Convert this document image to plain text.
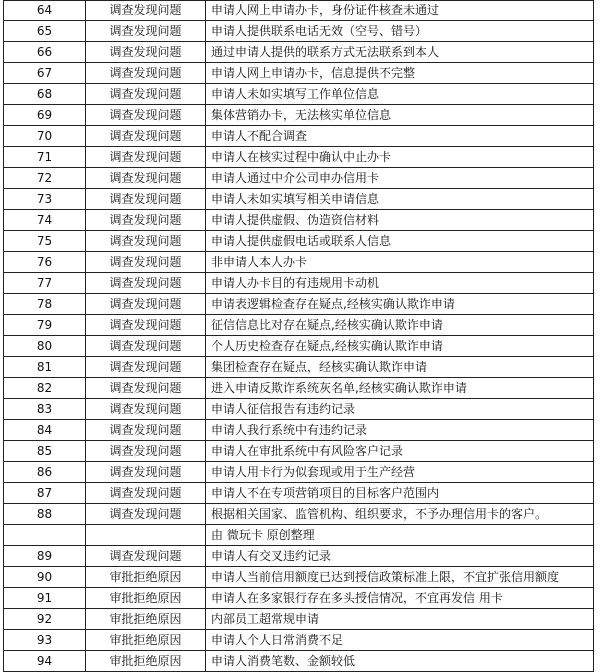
64	调查发现问题	申请人网上申请办卡，身份证件核查未通过
65	调查发现问题	申请人提供联系电话无效（空号、错号）
66	调查发现问题	通过申请人提供的联系方式无法联系到本人
67	调查发现问题	申请人网上申请办卡，信息提供不完整
68	调查发现问题	申请人未如实填写工作单位信息
69	调查发现问题	集体营销办卡，无法核实单位信息
70	调查发现问题	申请人不配合调查
71	调查发现问题	申请人在核实过程中确认中止办卡
72	调查发现问题	申请人通过中介公司申办信用卡
73	调查发现问题	申请人未如实填写相关申请信息
74	调查发现问题	申请人提供虚假、伪造资信材料
75	调查发现问题	申请人提供虚假电话或联系人信息
76	调查发现问题	非申请人本人办卡
77	调查发现问题	申请人办卡目的有违规用卡动机
78	调查发现问题	申请表逻辑检查存在疑点,经核实确认欺诈申请
79	调查发现问题	征信信息比对存在疑点,经核实确认欺诈申请
80	调查发现问题	个人历史检查存在疑点,经核实确认欺诈申请
81	调查发现问题	集团检查存在疑点，经核实确认欺诈申请
82	调查发现问题	进入申请反欺诈系统灰名单,经核实确认欺诈申请
83	调查发现问题	申请人征信报告有违约记录
84	调查发现问题	申请人我行系统中有违约记录
85	调查发现问题	申请人在审批系统中有风险客户记录
86	调查发现问题	申请人用卡行为似套现或用于生产经营
87	调查发现问题	申请人不在专项营销项目的目标客户范围内
88	调查发现问题	根据相关国家、监管机构、组织要求，不予办理信用卡的客户。
		由 微玩卡 原创整理
89	调查发现问题	申请人有交叉违约记录
90	审批拒绝原因	申请人当前信用额度已达到授信政策标准上限，不宜扩张信用额度
91	审批拒绝原因	申请人在多家银行存在多头授信情况，不宜再发信 用卡
92	审批拒绝原因	内部员工超常规申请
93	审批拒绝原因	申请人个人日常消费不足
94	审批拒绝原因	申请人消费笔数、金额较低
